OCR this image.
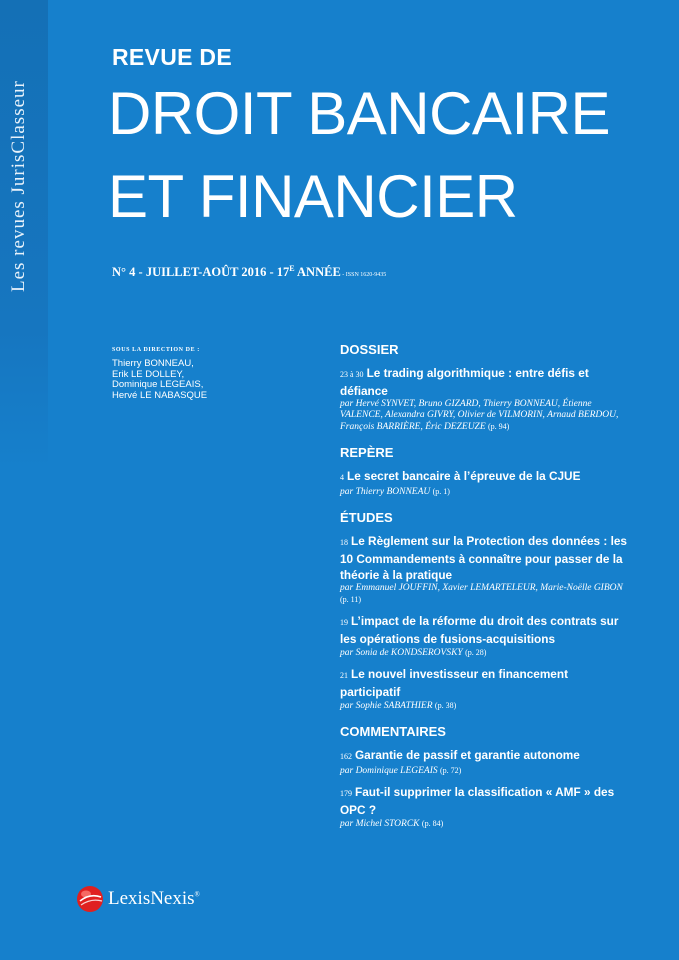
Les revues JurisClasseur
REVUE DE
DROIT BANCAIRE
ET FINANCIER
N° 4 - JUILLET-AOÛT $2016 - 17^E$ ANNÉE - ISSN 1620-9435
SOUS LA DIRECTION DE :
Thierry BONNEAU,
Erik LE DOLLEY,
Dominique LEGEAIS,
Hervé LE NABASQUE
DOSSIER
23 à 30 Le trading algorithmique : entre défis et défiance
par Hervé SYNVET, Bruno GIZARD, Thierry BONNEAU, Étienne VALENCE, Alexandra GIVRY, Olivier de VILMORIN, Arnaud BERDOU, François BARRIÈRE, Éric DEZEUZE (p. 94)
REPÈRE
4 Le secret bancaire à l’épreuve de la CJUE
par Thierry BONNEAU (p. 1)
ÉTUDES
18 Le Règlement sur la Protection des données : les 10 Commandements à connaître pour passer de la théorie à la pratique
par Emmanuel JOUFFIN, Xavier LEMARTELEUR, Marie-Noëlle GIBON (p. 11)
19 L’impact de la réforme du droit des contrats sur les opérations de fusions-acquisitions
par Sonia de KONDSEROVSKY (p. 28)
21 Le nouvel investisseur en financement participatif
par Sophie SABATHIER (p. 38)
COMMENTAIRES
162 Garantie de passif et garantie autonome
par Dominique LEGEAIS (p. 72)
179 Faut-il supprimer la classification « AMF » des OPC ?
par Michel STORCK (p. 84)
LexisNexis®
